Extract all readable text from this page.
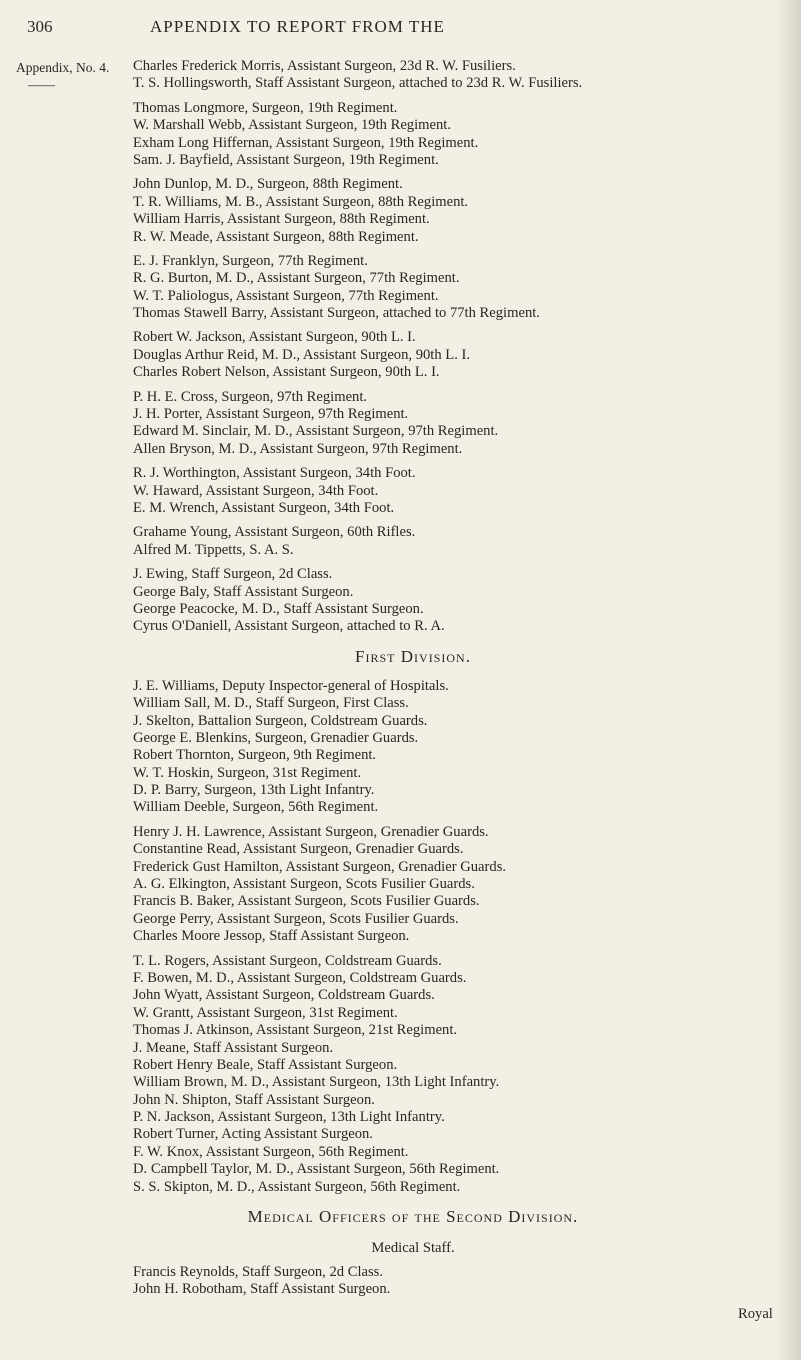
306	APPENDIX TO REPORT FROM THE
Appendix, No. 4.
——
Charles Frederick Morris, Assistant Surgeon, 23d R. W. Fusiliers.
T. S. Hollingsworth, Staff Assistant Surgeon, attached to 23d R. W. Fusiliers.
Thomas Longmore, Surgeon, 19th Regiment.
W. Marshall Webb, Assistant Surgeon, 19th Regiment.
Exham Long Hiffernan, Assistant Surgeon, 19th Regiment.
Sam. J. Bayfield, Assistant Surgeon, 19th Regiment.
John Dunlop, M. D., Surgeon, 88th Regiment.
T. R. Williams, M. B., Assistant Surgeon, 88th Regiment.
William Harris, Assistant Surgeon, 88th Regiment.
R. W. Meade, Assistant Surgeon, 88th Regiment.
E. J. Franklyn, Surgeon, 77th Regiment.
R. G. Burton, M. D., Assistant Surgeon, 77th Regiment.
W. T. Paliologus, Assistant Surgeon, 77th Regiment.
Thomas Stawell Barry, Assistant Surgeon, attached to 77th Regiment.
Robert W. Jackson, Assistant Surgeon, 90th L. I.
Douglas Arthur Reid, M. D., Assistant Surgeon, 90th L. I.
Charles Robert Nelson, Assistant Surgeon, 90th L. I.
P. H. E. Cross, Surgeon, 97th Regiment.
J. H. Porter, Assistant Surgeon, 97th Regiment.
Edward M. Sinclair, M. D., Assistant Surgeon, 97th Regiment.
Allen Bryson, M. D., Assistant Surgeon, 97th Regiment.
R. J. Worthington, Assistant Surgeon, 34th Foot.
W. Haward, Assistant Surgeon, 34th Foot.
E. M. Wrench, Assistant Surgeon, 34th Foot.
Grahame Young, Assistant Surgeon, 60th Rifles.
Alfred M. Tippetts, S. A. S.
J. Ewing, Staff Surgeon, 2d Class.
George Baly, Staff Assistant Surgeon.
George Peacocke, M. D., Staff Assistant Surgeon.
Cyrus O'Daniell, Assistant Surgeon, attached to R. A.
First Division.
J. E. Williams, Deputy Inspector-general of Hospitals.
William Sall, M. D., Staff Surgeon, First Class.
J. Skelton, Battalion Surgeon, Coldstream Guards.
George E. Blenkins, Surgeon, Grenadier Guards.
Robert Thornton, Surgeon, 9th Regiment.
W. T. Hoskin, Surgeon, 31st Regiment.
D. P. Barry, Surgeon, 13th Light Infantry.
William Deeble, Surgeon, 56th Regiment.
Henry J. H. Lawrence, Assistant Surgeon, Grenadier Guards.
Constantine Read, Assistant Surgeon, Grenadier Guards.
Frederick Gust Hamilton, Assistant Surgeon, Grenadier Guards.
A. G. Elkington, Assistant Surgeon, Scots Fusilier Guards.
Francis B. Baker, Assistant Surgeon, Scots Fusilier Guards.
George Perry, Assistant Surgeon, Scots Fusilier Guards.
Charles Moore Jessop, Staff Assistant Surgeon.
T. L. Rogers, Assistant Surgeon, Coldstream Guards.
F. Bowen, M. D., Assistant Surgeon, Coldstream Guards.
John Wyatt, Assistant Surgeon, Coldstream Guards.
W. Grantt, Assistant Surgeon, 31st Regiment.
Thomas J. Atkinson, Assistant Surgeon, 21st Regiment.
J. Meane, Staff Assistant Surgeon.
Robert Henry Beale, Staff Assistant Surgeon.
William Brown, M. D., Assistant Surgeon, 13th Light Infantry.
John N. Shipton, Staff Assistant Surgeon.
P. N. Jackson, Assistant Surgeon, 13th Light Infantry.
Robert Turner, Acting Assistant Surgeon.
F. W. Knox, Assistant Surgeon, 56th Regiment.
D. Campbell Taylor, M. D., Assistant Surgeon, 56th Regiment.
S. S. Skipton, M. D., Assistant Surgeon, 56th Regiment.
Medical Officers of the Second Division.
Medical Staff.
Francis Reynolds, Staff Surgeon, 2d Class.
John H. Robotham, Staff Assistant Surgeon.
Royal
